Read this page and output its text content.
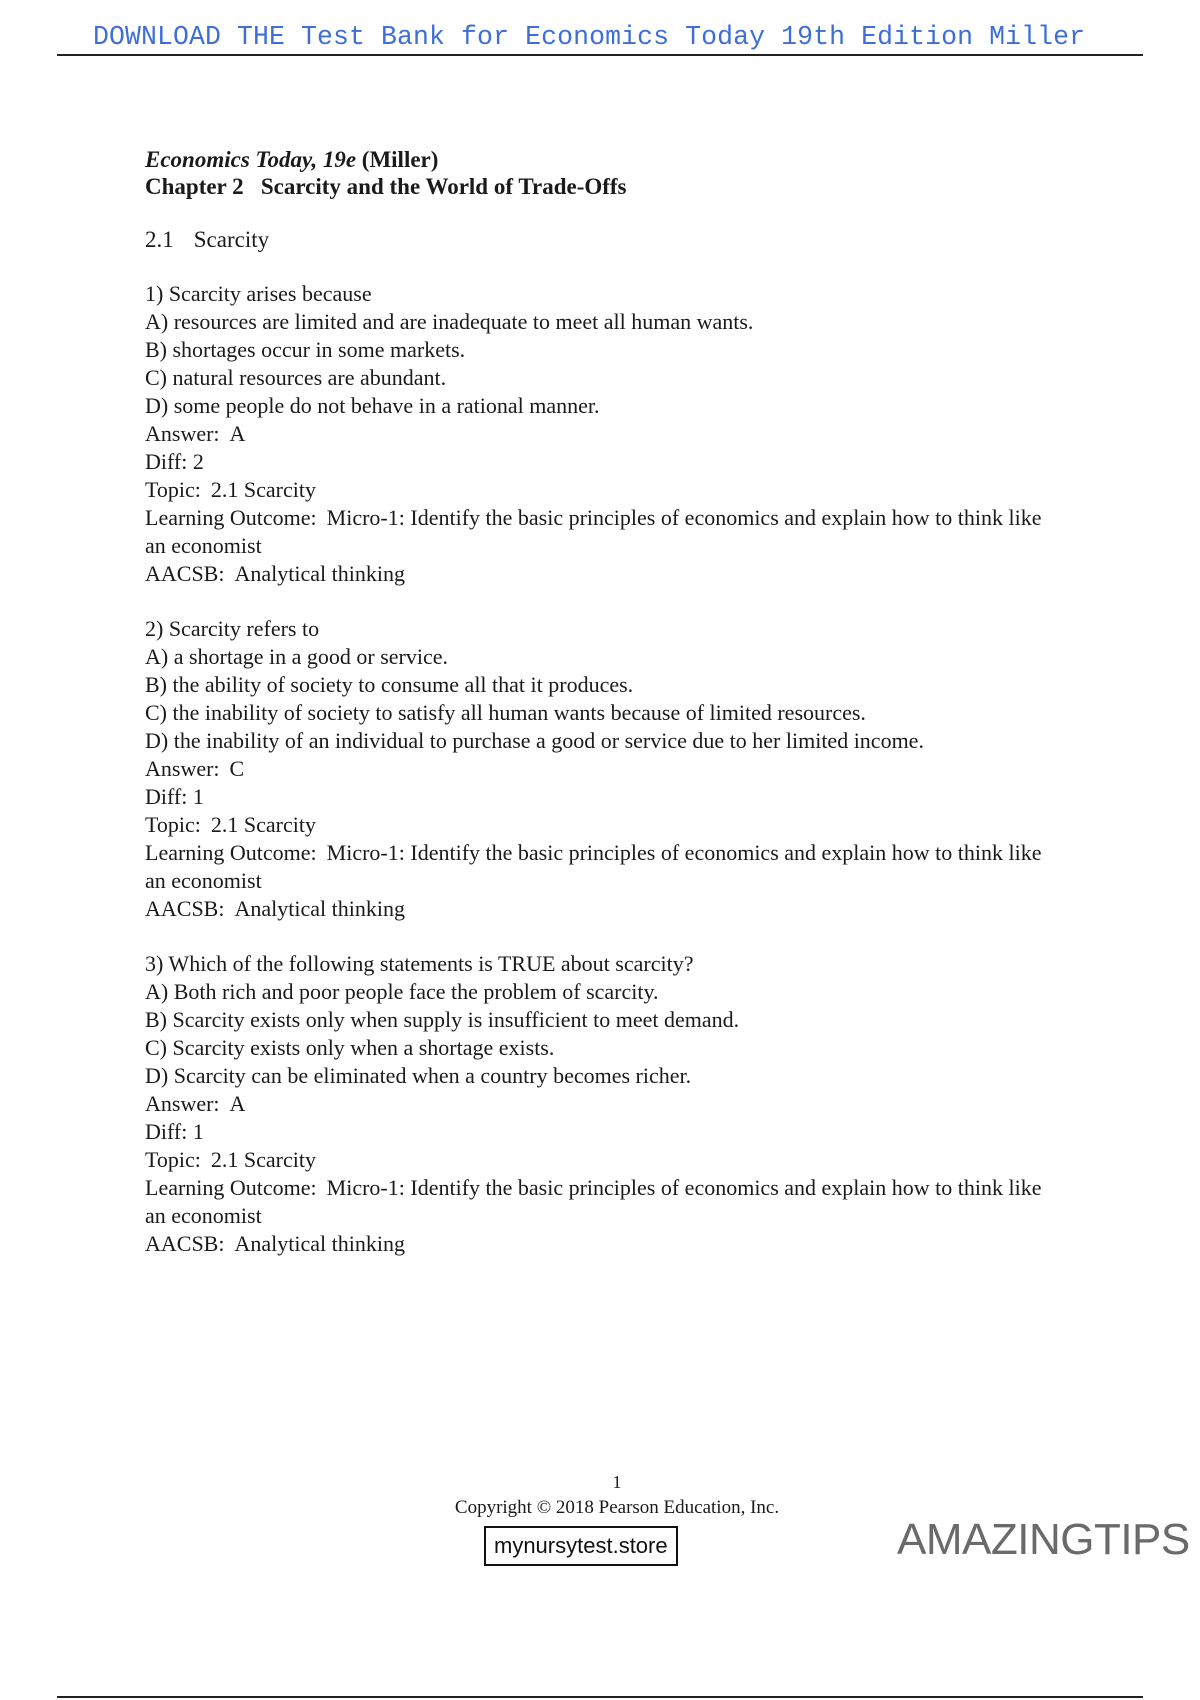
DOWNLOAD THE Test Bank for Economics Today 19th Edition Miller

Economics Today, 19e (Miller)

Chapter 2   Scarcity and the World of Trade-Offs

2.1 Scarcity

1) Scarcity arises because

A) resources are limited and are inadequate to meet all human wants.

B) shortages occur in some markets.

C) natural resources are abundant.

D) some people do not behave in a rational manner.

Answer: A

Diff: 2

Topic: 2.1 Scarcity

Learning Outcome: Micro-1: Identify the basic principles of economics and explain how to think like an economist

AACSB: Analytical thinking

2) Scarcity refers to

A) a shortage in a good or service.

B) the ability of society to consume all that it produces.

C) the inability of society to satisfy all human wants because of limited resources.

D) the inability of an individual to purchase a good or service due to her limited income.

Answer: C

Diff: 1

Topic: 2.1 Scarcity

Learning Outcome: Micro-1: Identify the basic principles of economics and explain how to think like an economist

AACSB: Analytical thinking

3) Which of the following statements is TRUE about scarcity?

A) Both rich and poor people face the problem of scarcity.

B) Scarcity exists only when supply is insufficient to meet demand.

C) Scarcity exists only when a shortage exists.

D) Scarcity can be eliminated when a country becomes richer.

Answer: A

Diff: 1

Topic: 2.1 Scarcity

Learning Outcome: Micro-1: Identify the basic principles of economics and explain how to think like an economist

AACSB: Analytical thinking

1
Copyright © 2018 Pearson Education, Inc.
mynursytest.store	AMAZINGTIPS
